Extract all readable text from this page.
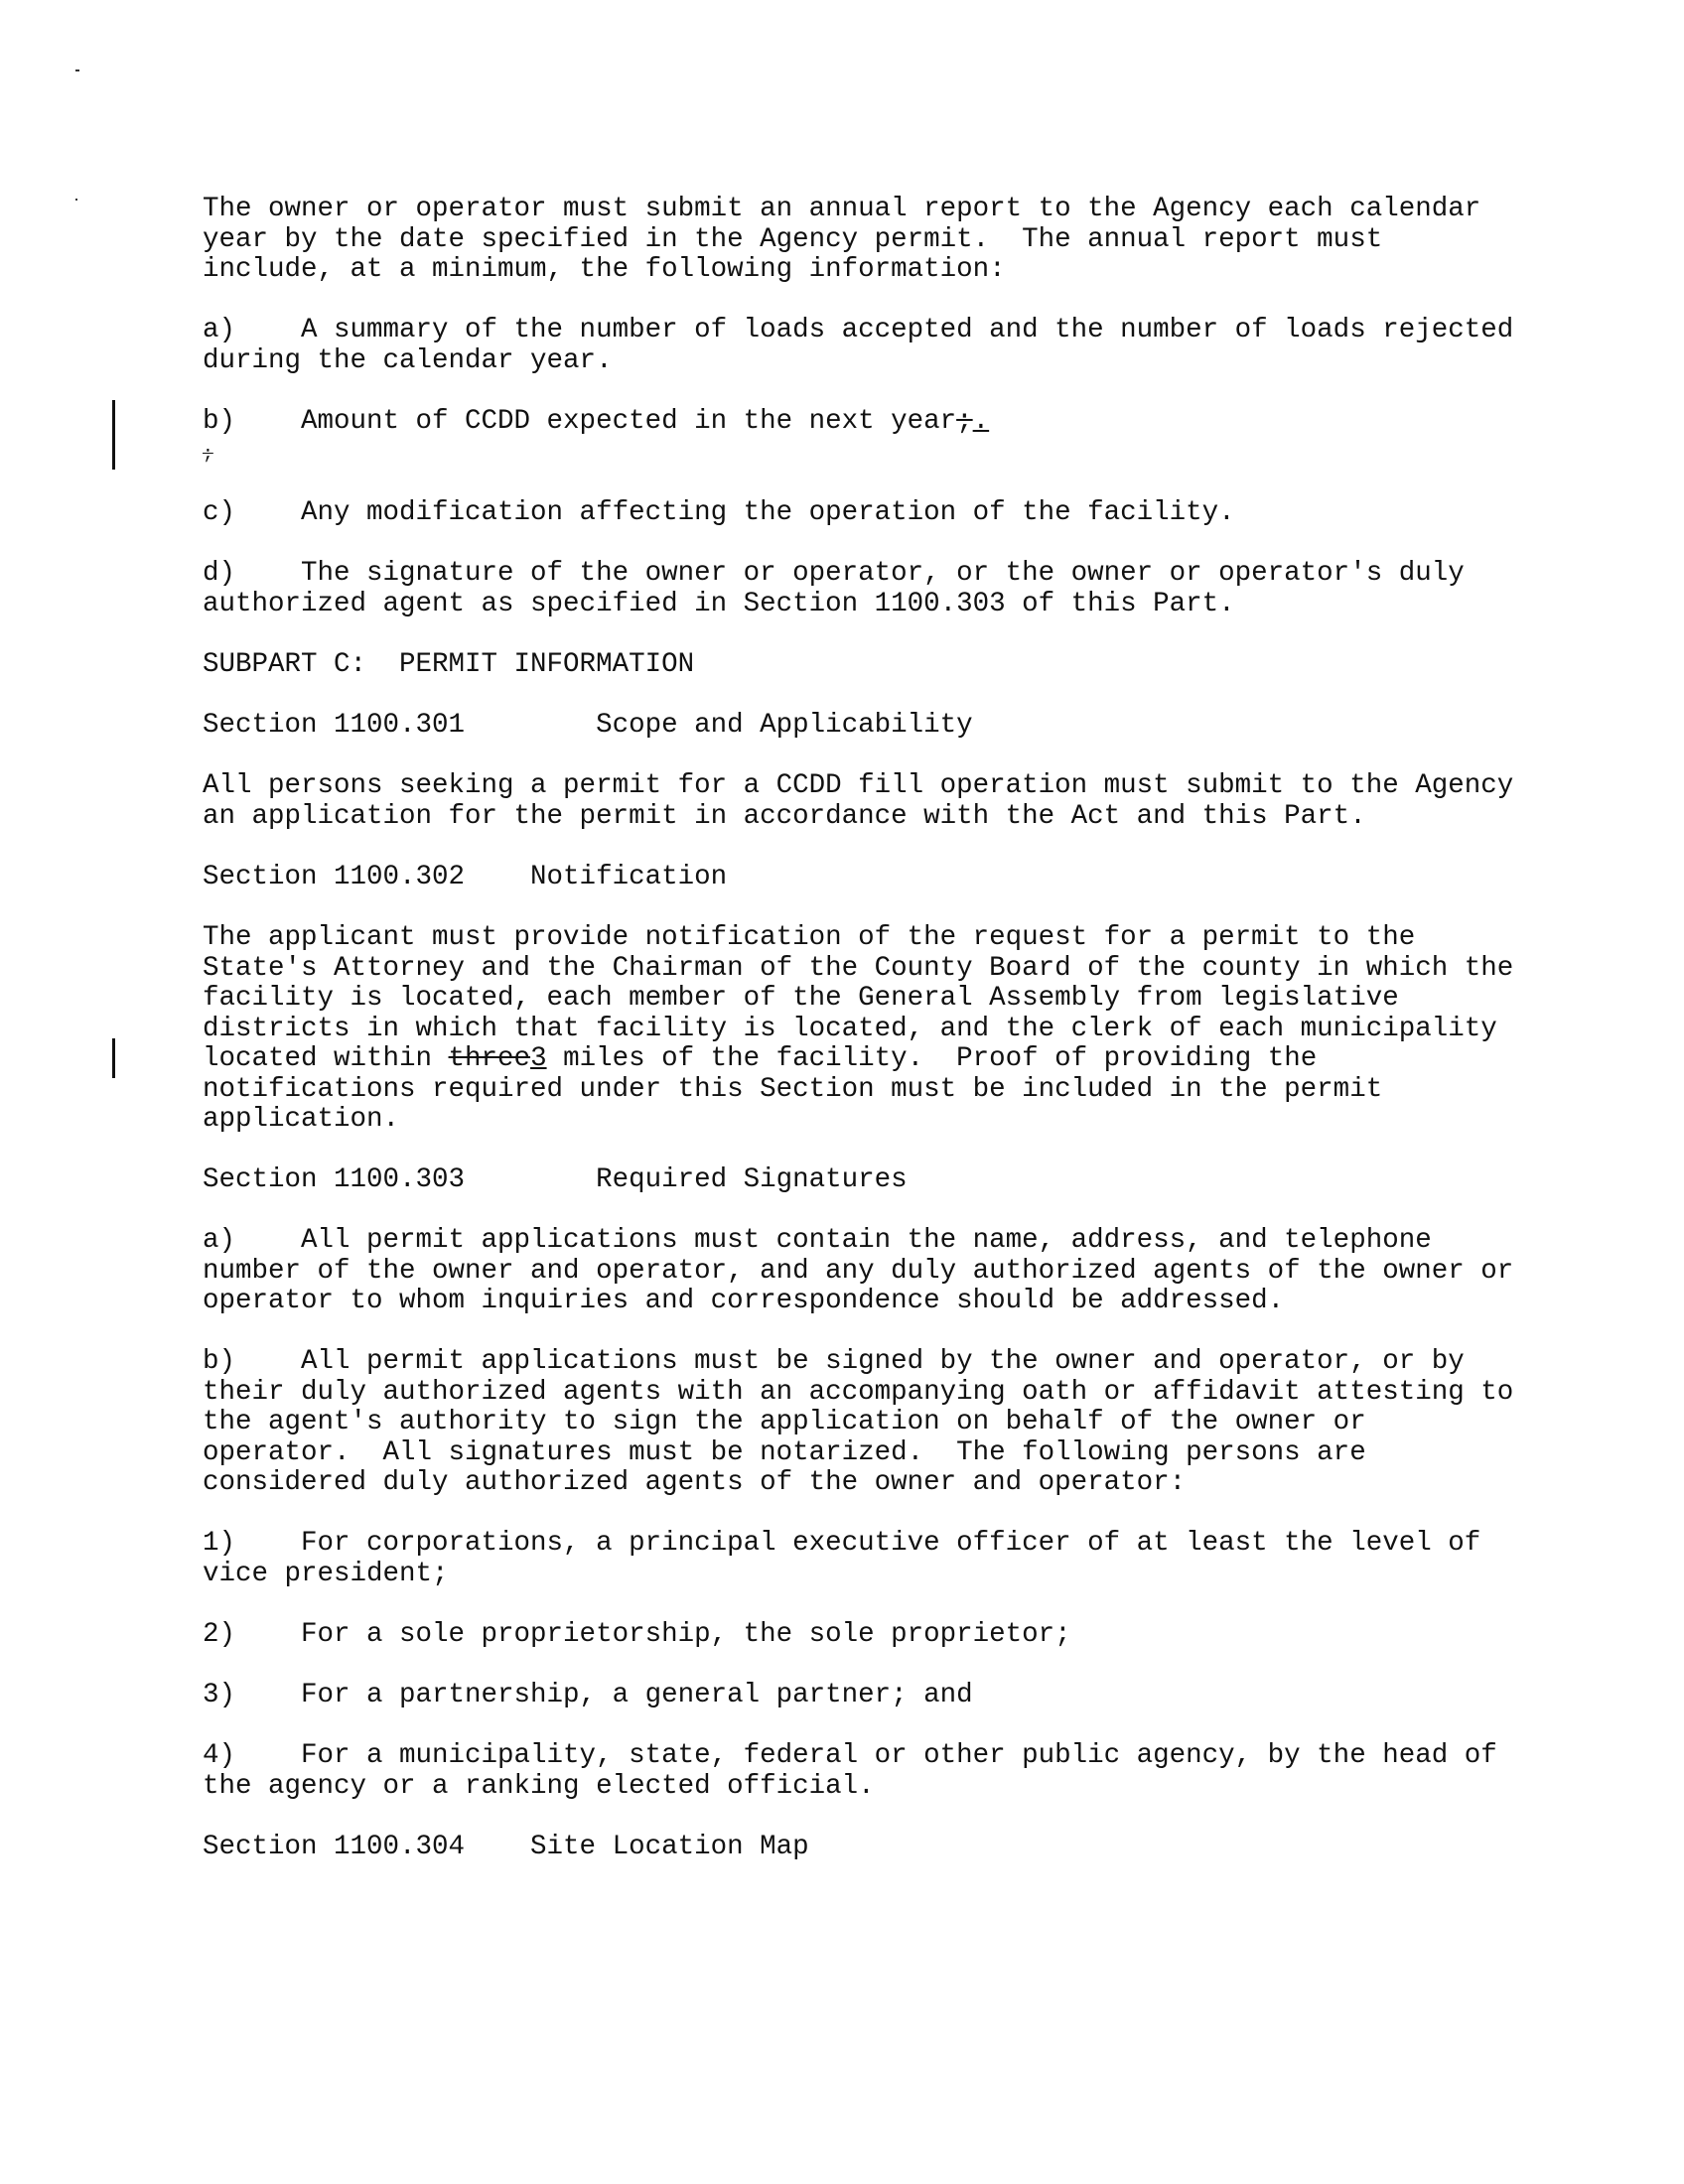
The owner or operator must submit an annual report to the Agency each calendar
year by the date specified in the Agency permit.  The annual report must
include, at a minimum, the following information:
a)    A summary of the number of loads accepted and the number of loads rejected
during the calendar year.
b)    Amount of CCDD expected in the next year;.
;
c)    Any modification affecting the operation of the facility.
d)    The signature of the owner or operator, or the owner or operator's duly
authorized agent as specified in Section 1100.303 of this Part.
SUBPART C:  PERMIT INFORMATION
Section 1100.301        Scope and Applicability
All persons seeking a permit for a CCDD fill operation must submit to the Agency
an application for the permit in accordance with the Act and this Part.
Section 1100.302    Notification
The applicant must provide notification of the request for a permit to the
State's Attorney and the Chairman of the County Board of the county in which the
facility is located, each member of the General Assembly from legislative
districts in which that facility is located, and the clerk of each municipality
located within three3 miles of the facility.  Proof of providing the
notifications required under this Section must be included in the permit
application.
Section 1100.303        Required Signatures
a)    All permit applications must contain the name, address, and telephone
number of the owner and operator, and any duly authorized agents of the owner or
operator to whom inquiries and correspondence should be addressed.
b)    All permit applications must be signed by the owner and operator, or by
their duly authorized agents with an accompanying oath or affidavit attesting to
the agent's authority to sign the application on behalf of the owner or
operator.  All signatures must be notarized.  The following persons are
considered duly authorized agents of the owner and operator:
1)    For corporations, a principal executive officer of at least the level of
vice president;
2)    For a sole proprietorship, the sole proprietor;
3)    For a partnership, a general partner; and
4)    For a municipality, state, federal or other public agency, by the head of
the agency or a ranking elected official.
Section 1100.304    Site Location Map
